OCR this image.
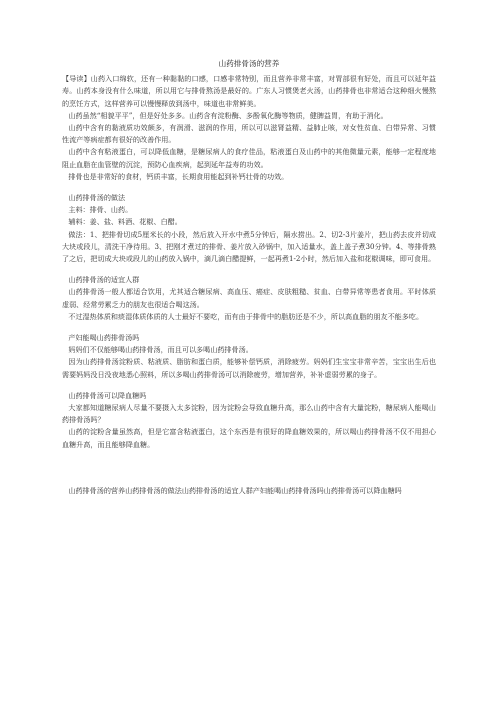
山药排骨汤的营养

【导读】山药入口绵软，还有一种黏黏的口感，口感非常特别，而且营养非常丰富，对胃部很有好处，而且可以延年益寿。山药本身没有什么味道，所以用它与排骨熬汤是最好的。广东人习惯煲老火汤，山药排骨也非常适合这种细火慢熬的烹饪方式，这样营养可以慢慢释放到汤中，味道也非常鲜美。

山药虽然“相貌平平”，但是好处多多。山药含有淀粉酶、多酚氧化酶等物质，健脾益胃，有助于消化。

山药中含有的黏液质功效颇多，有润滑、滋润的作用，所以可以滋肾益精、益肺止咳，对女性贫血、白带异常、习惯性流产等病症都有很好的改善作用。

山药中含有粘液蛋白，可以降低血糖，是糖尿病人的食疗佳品，粘液蛋白及山药中的其他微量元素，能够一定程度地阻止血脂在血管壁的沉淀，预防心血疾病，起到延年益寿的功效。

排骨也是非常好的食材，钙质丰富，长期食用能起到补钙壮骨的功效。

山药排骨汤的做法

主料：排骨、山药。

辅料：姜、盐、料酒、花椒、白醋。

做法：1、把排骨切成5厘米长的小段，然后放入开水中煮5分钟后，隔水捞出。2、切2-3片姜片，把山药去皮并切成大块或段儿，清洗干净待用。3、把刚才煮过的排骨、姜片放入砂锅中，加入适量水，盖上盖子煮30分钟。4、等排骨熟了之后，把切成大块或段儿的山药放入锅中，滴几滴白醋提鲜，一起再煮1-2小时，然后加入盐和花椒调味，即可食用。

山药排骨汤的适宜人群

山药排骨汤一般人都适合饮用，尤其适合糖尿病、高血压、癌症、皮肤粗糙、贫血、白带异常等患者食用。平时体质虚弱、经常劳累乏力的朋友也很适合喝这汤。

不过湿热体质和痰湿体质体质的人士最好不要吃，而有由于排骨中的脂肪还是不少，所以高血脂的朋友不能多吃。

产妇能喝山药排骨汤吗

妈妈们不仅能够喝山药排骨汤，而且可以多喝山药排骨汤。

因为山药排骨汤淀粉质、粘液质、脂肪和蛋白质，能够补偿钙质，消除疲劳。妈妈们生宝宝非常辛苦，宝宝出生后也需要妈妈没日没夜地悉心照料，所以多喝山药排骨汤可以消除疲劳，增加营养，补补虚弱劳累的身子。

山药排骨汤可以降血糖吗

大家都知道糖尿病人尽量不要摄入太多淀粉，因为淀粉会导致血糖升高，那么山药中含有大量淀粉，糖尿病人能喝山药排骨汤吗？

山药的淀粉含量虽然高，但是它富含粘液蛋白，这个东西是有很好的降血糖效果的，所以喝山药排骨汤不仅不用担心血糖升高，而且能够降血糖。

山药排骨汤的营养山药排骨汤的做法山药排骨汤的适宜人群产妇能喝山药排骨汤吗山药排骨汤可以降血糖吗
